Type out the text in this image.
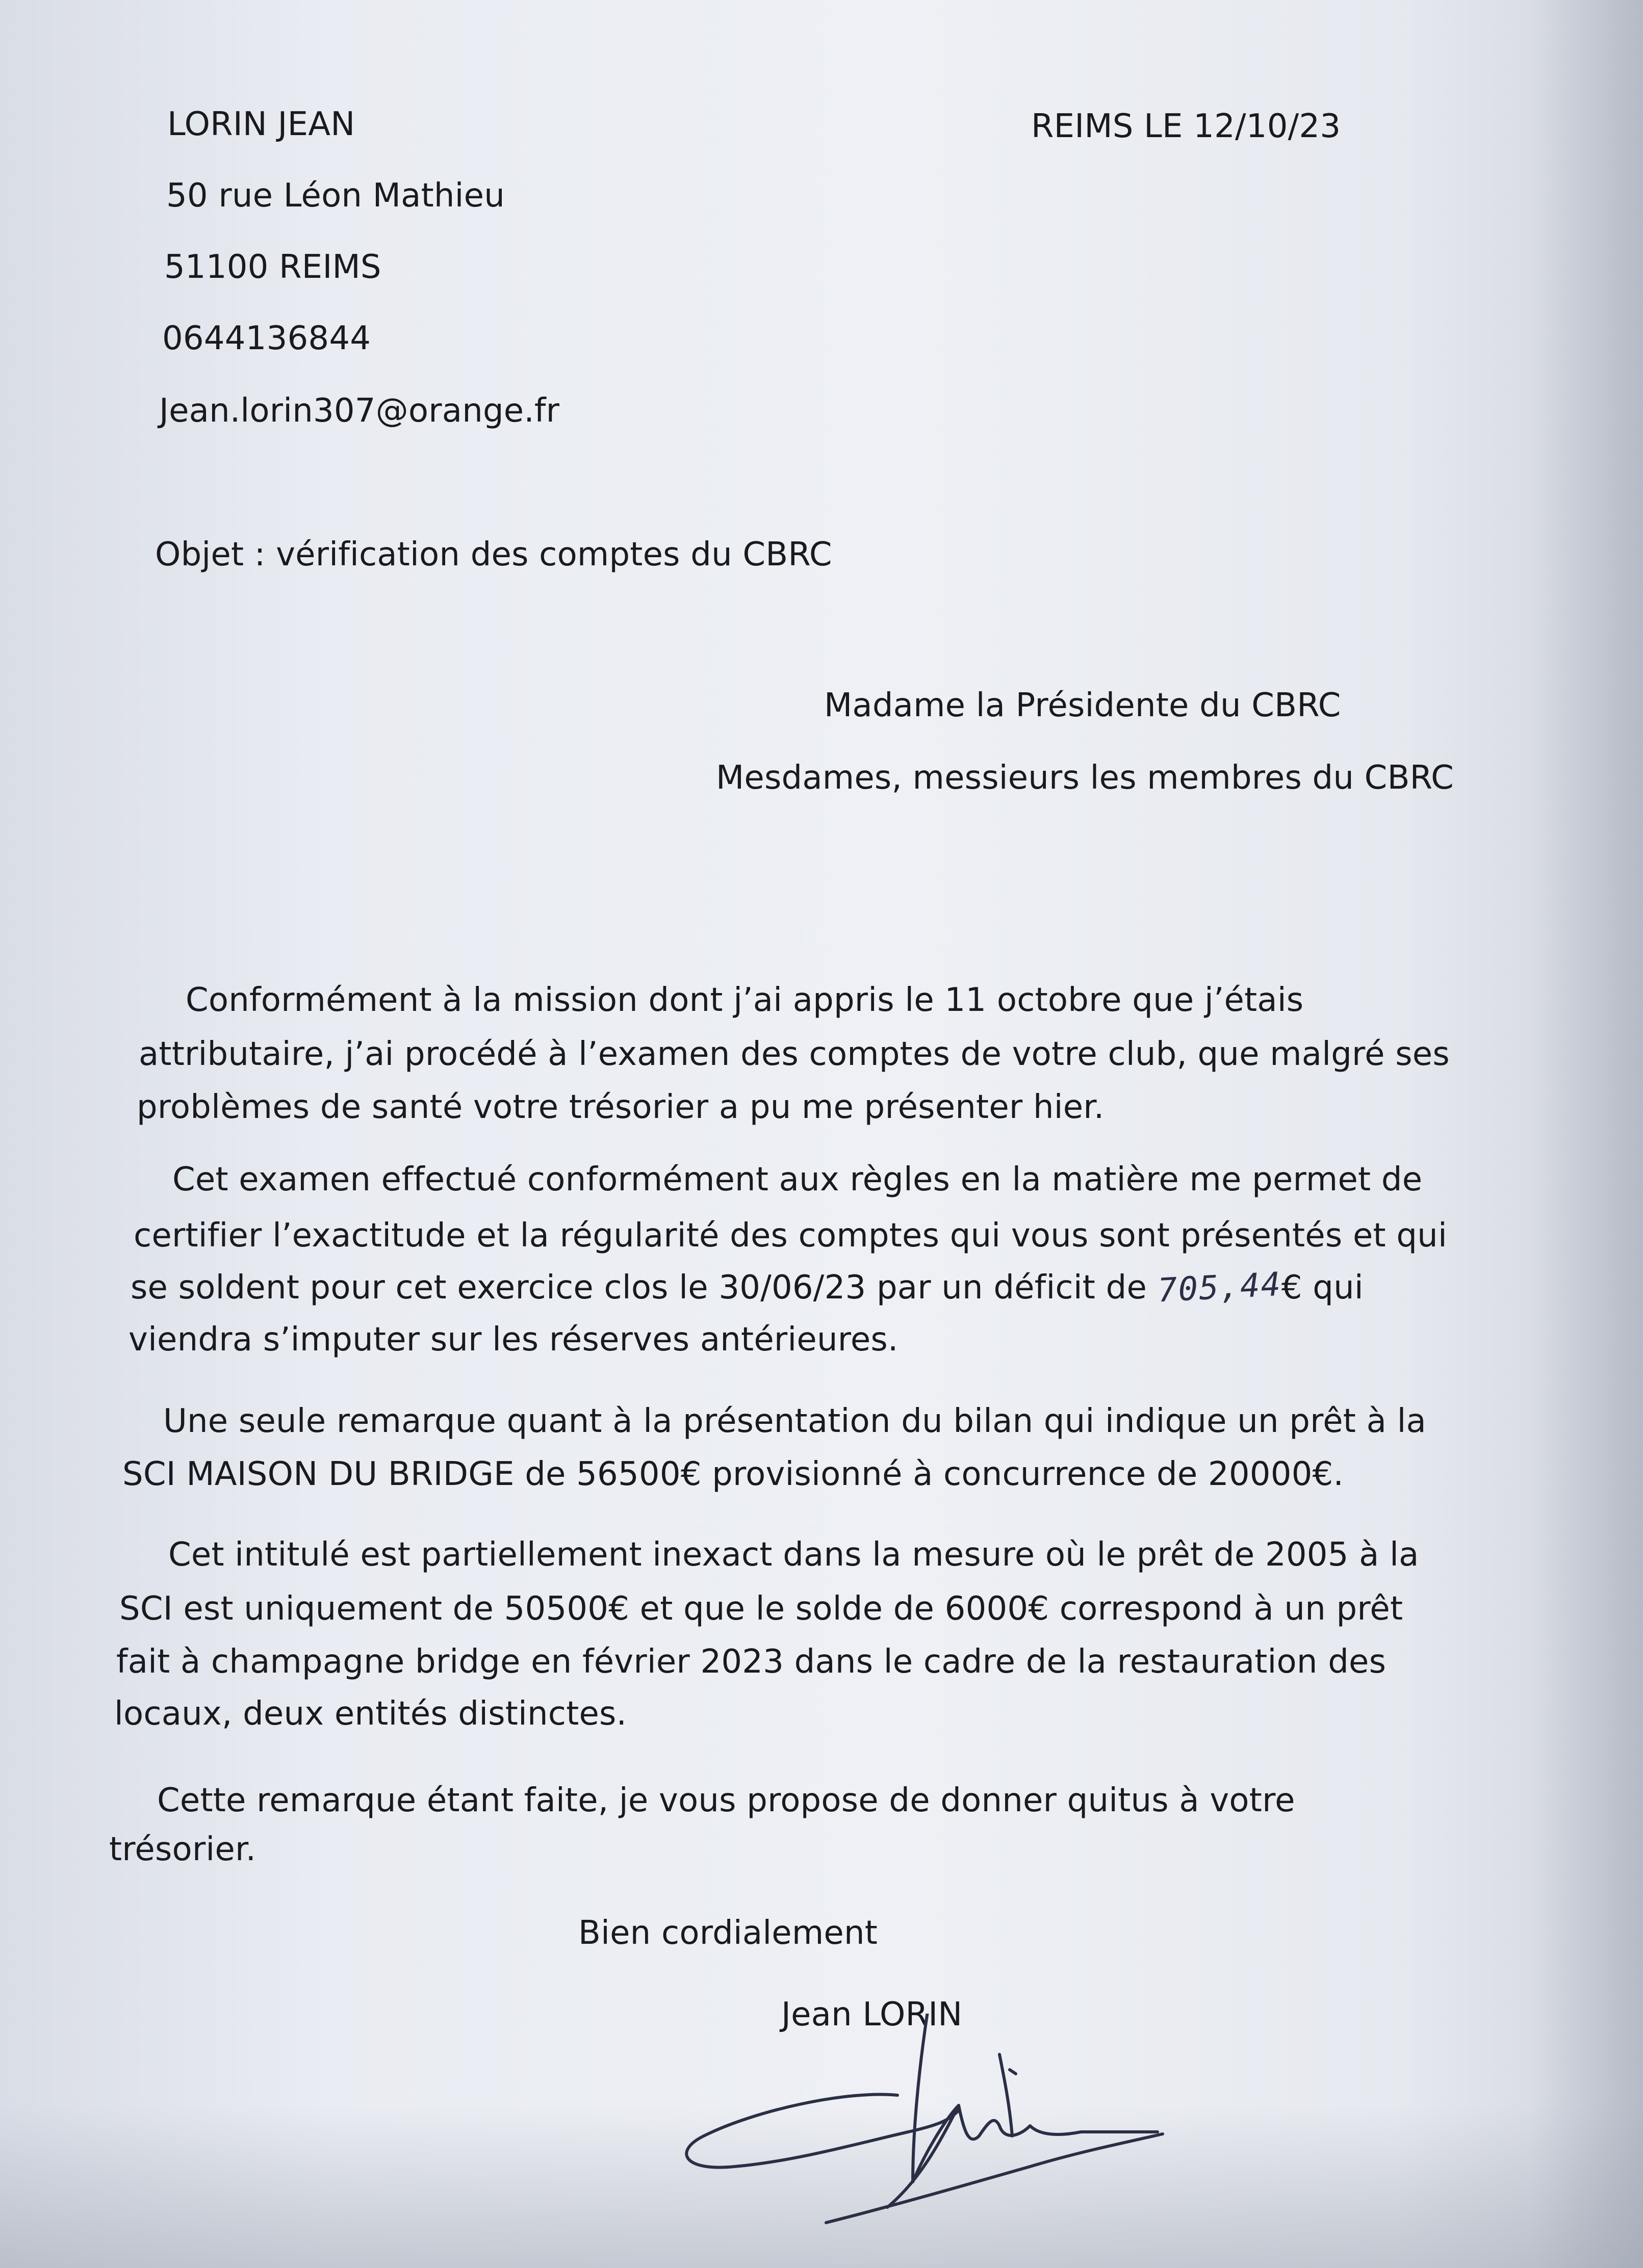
LORIN JEAN
50 rue Léon Mathieu
51100 REIMS
0644136844
Jean.lorin307@orange.fr
REIMS LE 12/10/23
Objet : vérification des comptes du CBRC
Madame la Présidente du CBRC
Mesdames, messieurs les membres du CBRC
Conformément à la mission dont j’ai appris le 11 octobre que j’étais
attributaire, j’ai procédé à l’examen des comptes de votre club, que malgré ses
problèmes de santé votre trésorier a pu me présenter hier.
Cet examen effectué conformément aux règles en la matière me permet de
certifier l’exactitude et la régularité des comptes qui vous sont présentés et qui
se soldent pour cet exercice clos le 30/06/23 par un déficit de 705,44€ qui
viendra s’imputer sur les réserves antérieures.
Une seule remarque quant à la présentation du bilan qui indique un prêt à la
SCI MAISON DU BRIDGE de 56500€ provisionné à concurrence de 20000€.
Cet intitulé est partiellement inexact dans la mesure où le prêt de 2005 à la
SCI est uniquement de 50500€ et que le solde de 6000€ correspond à un prêt
fait à champagne bridge en février 2023 dans le cadre de la restauration des
locaux, deux entités distinctes.
Cette remarque étant faite, je vous propose de donner quitus à votre
trésorier.
Bien cordialement
Jean LORIN
